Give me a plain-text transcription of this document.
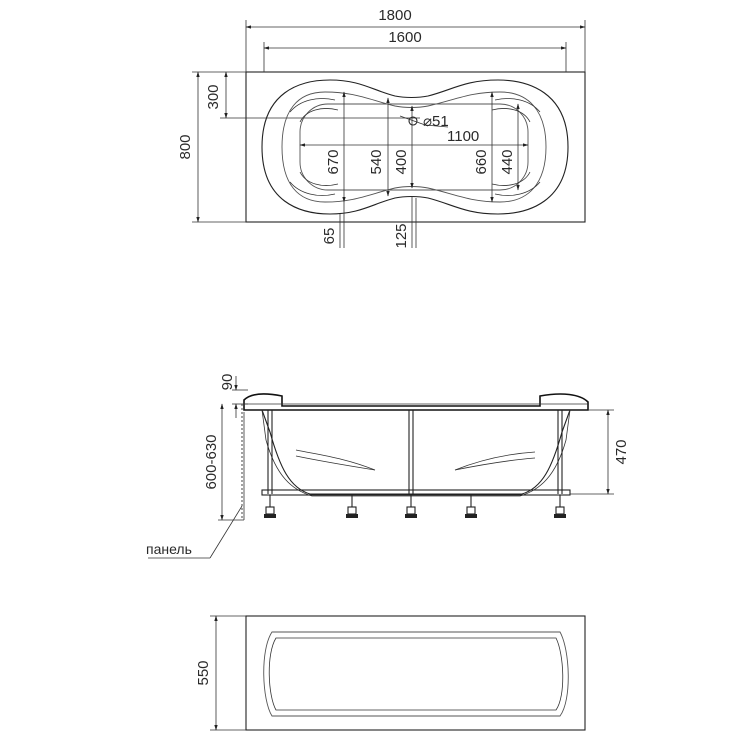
1800
1600
1100
⌀51
800
300
670 540 400	660 440
65	125
90
600-630	470
панель
550
